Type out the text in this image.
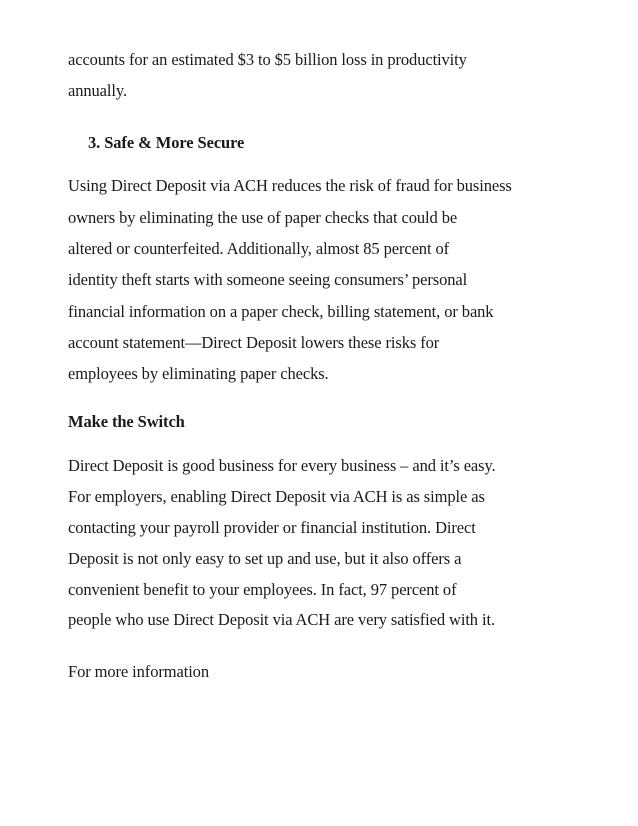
accounts for an estimated $3 to $5 billion loss in productivity
annually.
3. Safe & More Secure
Using Direct Deposit via ACH reduces the risk of fraud for business
owners by eliminating the use of paper checks that could be
altered or counterfeited. Additionally, almost 85 percent of
identity theft starts with someone seeing consumers’ personal
financial information on a paper check, billing statement, or bank
account statement—Direct Deposit lowers these risks for
employees by eliminating paper checks.
Make the Switch
Direct Deposit is good business for every business – and it’s easy.
For employers, enabling Direct Deposit via ACH is as simple as
contacting your payroll provider or financial institution. Direct
Deposit is not only easy to set up and use, but it also offers a
convenient benefit to your employees. In fact, 97 percent of
people who use Direct Deposit via ACH are very satisfied with it.
For more information
